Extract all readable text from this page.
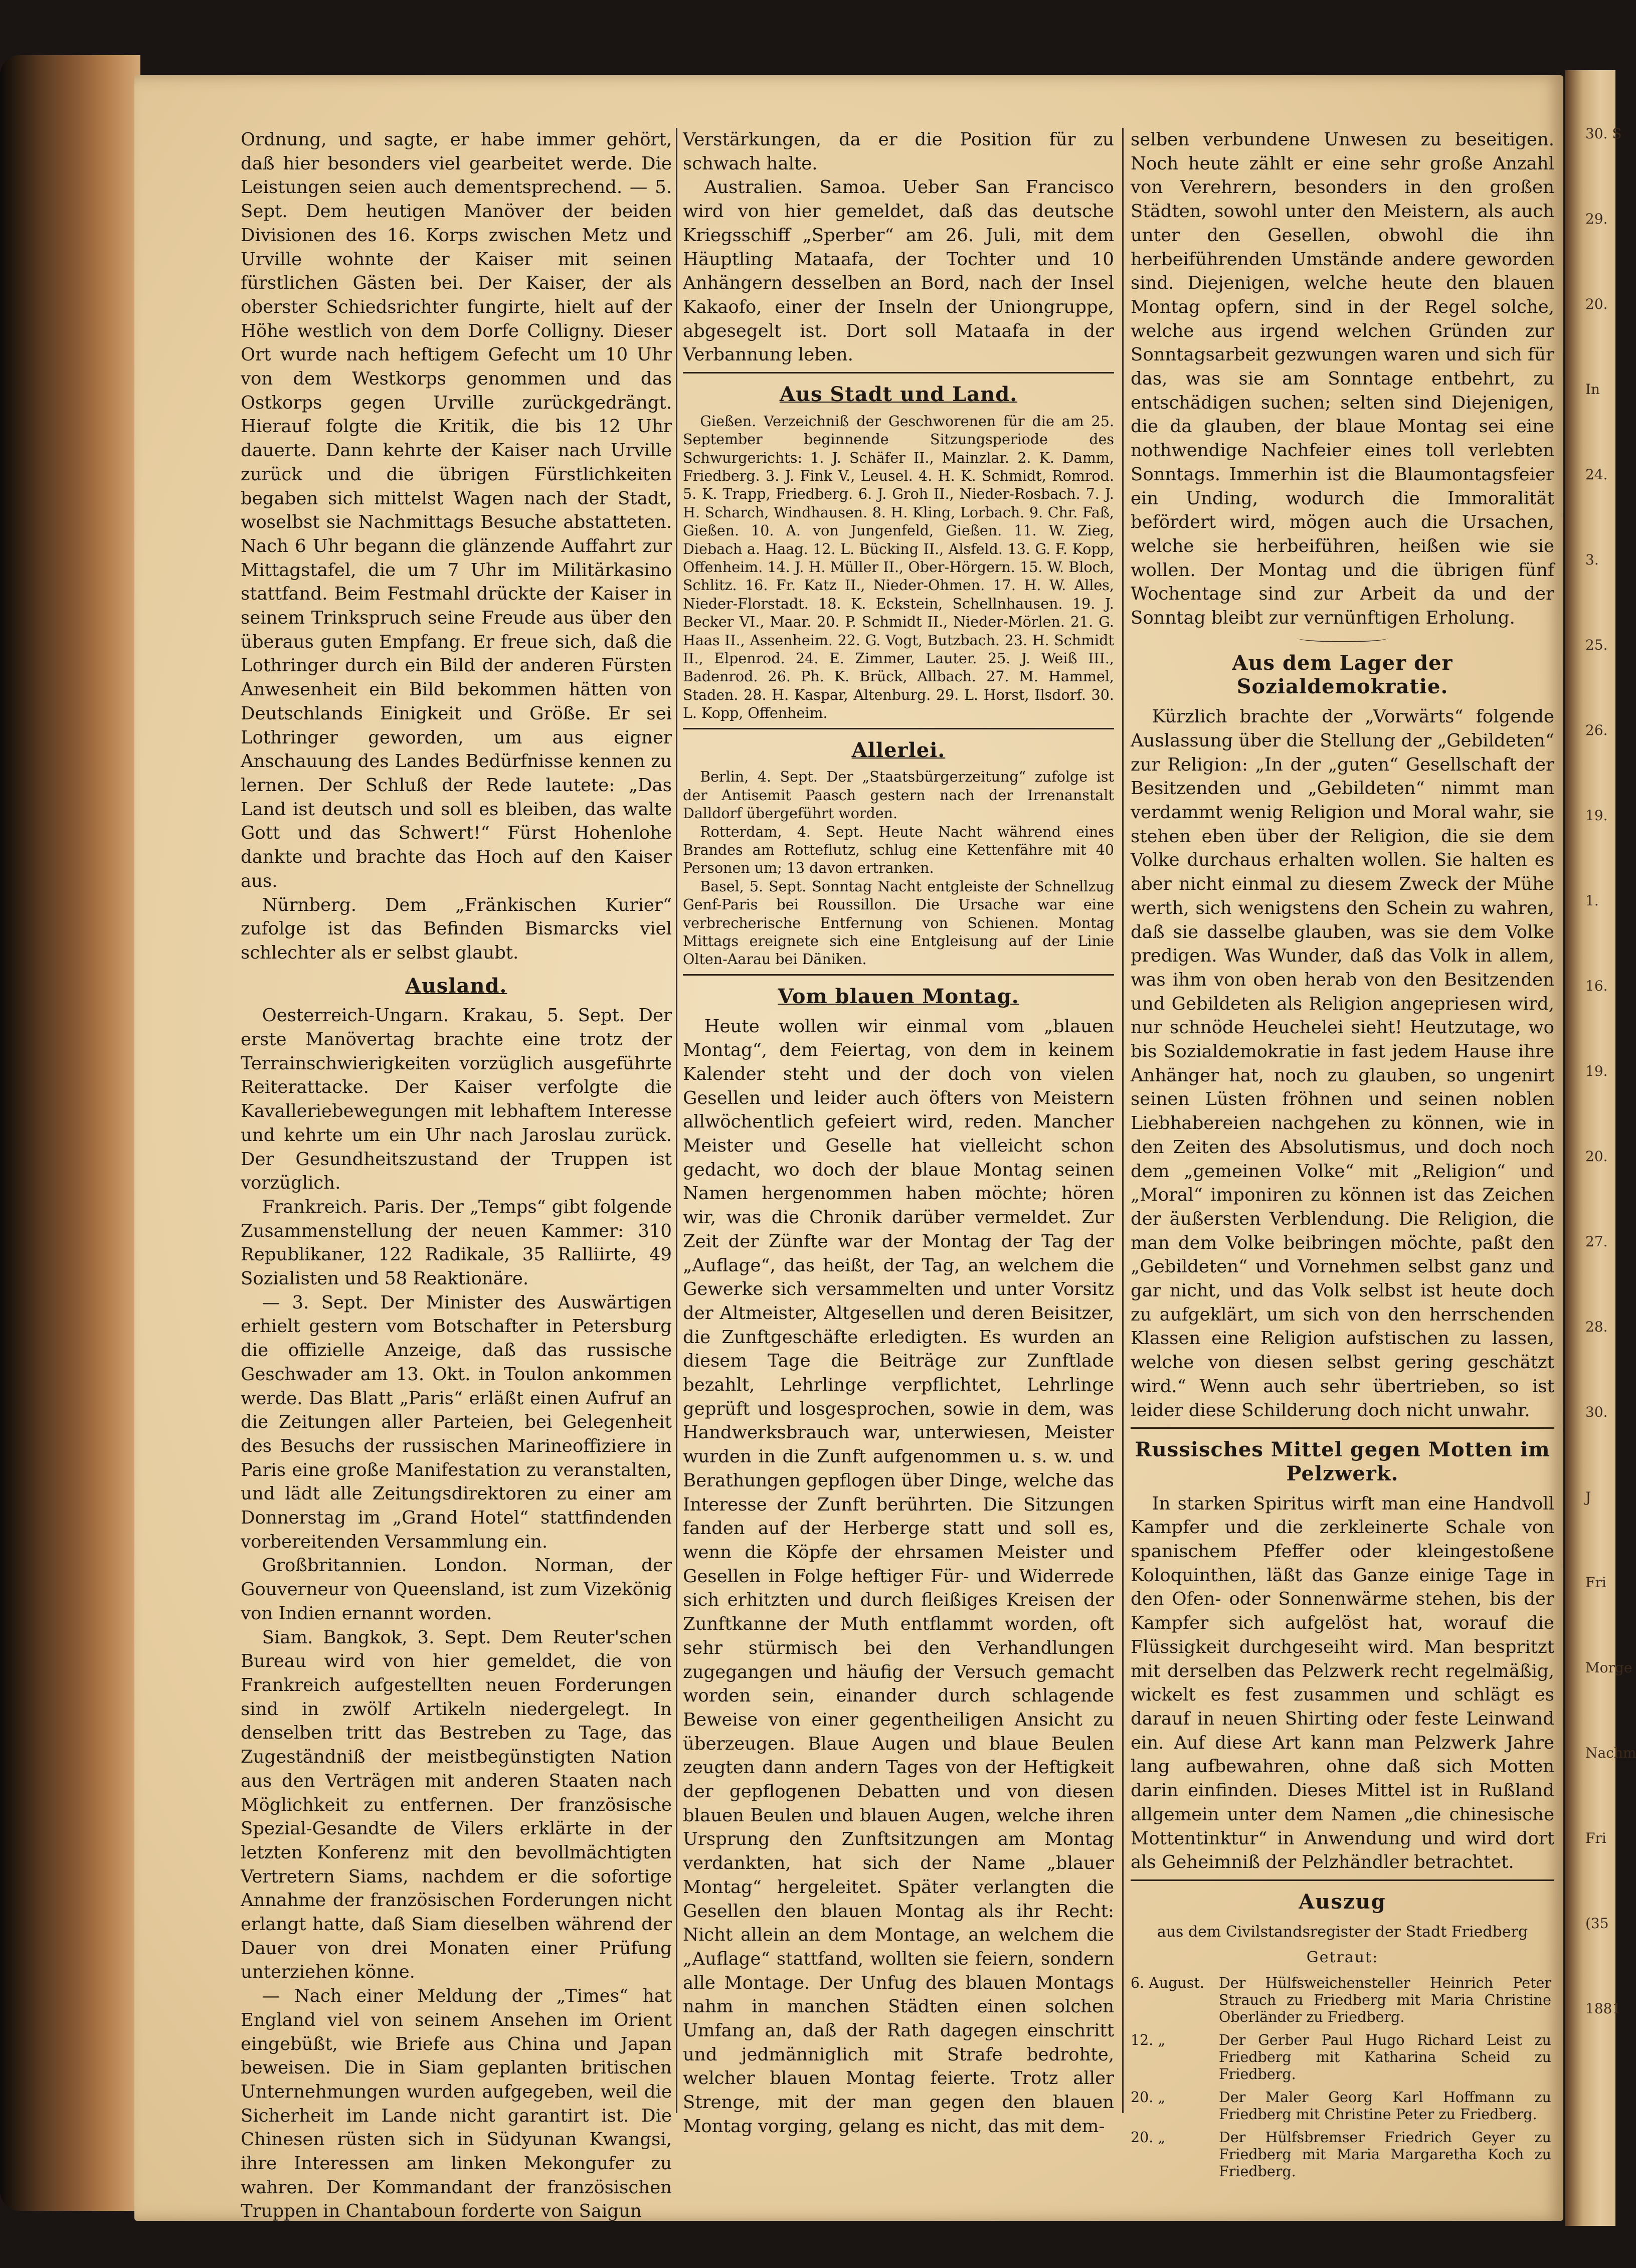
30. S
29.
20.
In
24.
3.
25.
26.
19.
1.
16.
19.
20.
27.
28.
30.
J
Fri
Morge
Nachm
Fri
(35
1881

Ordnung, und sagte, er habe immer gehört, daß hier besonders viel gearbeitet werde. Die Leistungen seien auch dementsprechend. — 5. Sept. Dem heutigen Manöver der beiden Divisionen des 16. Korps zwischen Metz und Urville wohnte der Kaiser mit seinen fürstlichen Gästen bei. Der Kaiser, der als oberster Schiedsrichter fungirte, hielt auf der Höhe westlich von dem Dorfe Colligny. Dieser Ort wurde nach heftigem Gefecht um 10 Uhr von dem Westkorps genommen und das Ostkorps gegen Urville zurückgedrängt. Hierauf folgte die Kritik, die bis 12 Uhr dauerte. Dann kehrte der Kaiser nach Urville zurück und die übrigen Fürstlichkeiten begaben sich mittelst Wagen nach der Stadt, woselbst sie Nachmittags Besuche abstatteten. Nach 6 Uhr begann die glänzende Auffahrt zur Mittagstafel, die um 7 Uhr im Militärkasino stattfand. Beim Festmahl drückte der Kaiser in seinem Trinkspruch seine Freude aus über den überaus guten Empfang. Er freue sich, daß die Lothringer durch ein Bild der anderen Fürsten Anwesenheit ein Bild bekommen hätten von Deutschlands Einigkeit und Größe. Er sei Lothringer geworden, um aus eigner Anschauung des Landes Bedürfnisse kennen zu lernen. Der Schluß der Rede lautete: „Das Land ist deutsch und soll es bleiben, das walte Gott und das Schwert!“ Fürst Hohenlohe dankte und brachte das Hoch auf den Kaiser aus.

Nürnberg. Dem „Fränkischen Kurier“ zufolge ist das Befinden Bismarcks viel schlechter als er selbst glaubt.

Ausland.

Oesterreich-Ungarn. Krakau, 5. Sept. Der erste Manövertag brachte eine trotz der Terrainschwierigkeiten vorzüglich ausgeführte Reiterattacke. Der Kaiser verfolgte die Kavalleriebewegungen mit lebhaftem Interesse und kehrte um ein Uhr nach Jaroslau zurück. Der Gesundheitszustand der Truppen ist vorzüglich.

Frankreich. Paris. Der „Temps“ gibt folgende Zusammenstellung der neuen Kammer: 310 Republikaner, 122 Radikale, 35 Ralliirte, 49 Sozialisten und 58 Reaktionäre.

— 3. Sept. Der Minister des Auswärtigen erhielt gestern vom Botschafter in Petersburg die offizielle Anzeige, daß das russische Geschwader am 13. Okt. in Toulon ankommen werde. Das Blatt „Paris“ erläßt einen Aufruf an die Zeitungen aller Parteien, bei Gelegenheit des Besuchs der russischen Marineoffiziere in Paris eine große Manifestation zu veranstalten, und lädt alle Zeitungsdirektoren zu einer am Donnerstag im „Grand Hotel“ stattfindenden vorbereitenden Versammlung ein.

Großbritannien. London. Norman, der Gouverneur von Queensland, ist zum Vizekönig von Indien ernannt worden.

Siam. Bangkok, 3. Sept. Dem Reuter'schen Bureau wird von hier gemeldet, die von Frankreich aufgestellten neuen Forderungen sind in zwölf Artikeln niedergelegt. In denselben tritt das Bestreben zu Tage, das Zugeständniß der meistbegünstigten Nation aus den Verträgen mit anderen Staaten nach Möglichkeit zu entfernen. Der französische Spezial-Gesandte de Vilers erklärte in der letzten Konferenz mit den bevollmächtigten Vertretern Siams, nachdem er die sofortige Annahme der französischen Forderungen nicht erlangt hatte, daß Siam dieselben während der Dauer von drei Monaten einer Prüfung unterziehen könne.

— Nach einer Meldung der „Times“ hat England viel von seinem Ansehen im Orient eingebüßt, wie Briefe aus China und Japan beweisen. Die in Siam geplanten britischen Unternehmungen wurden aufgegeben, weil die Sicherheit im Lande nicht garantirt ist. Die Chinesen rüsten sich in Südyunan Kwangsi, ihre Interessen am linken Mekongufer zu wahren. Der Kommandant der französischen Truppen in Chantaboun forderte von Saigun

Verstärkungen, da er die Position für zu schwach halte.

Australien. Samoa. Ueber San Francisco wird von hier gemeldet, daß das deutsche Kriegsschiff „Sperber“ am 26. Juli, mit dem Häuptling Mataafa, der Tochter und 10 Anhängern desselben an Bord, nach der Insel Kakaofo, einer der Inseln der Uniongruppe, abgesegelt ist. Dort soll Mataafa in der Verbannung leben.

Aus Stadt und Land.

Gießen. Verzeichniß der Geschworenen für die am 25. September beginnende Sitzungsperiode des Schwurgerichts: 1. J. Schäfer II., Mainzlar. 2. K. Damm, Friedberg. 3. J. Fink V., Leusel. 4. H. K. Schmidt, Romrod. 5. K. Trapp, Friedberg. 6. J. Groh II., Nieder-Rosbach. 7. J. H. Scharch, Windhausen. 8. H. Kling, Lorbach. 9. Chr. Faß, Gießen. 10. A. von Jungenfeld, Gießen. 11. W. Zieg, Diebach a. Haag. 12. L. Bücking II., Alsfeld. 13. G. F. Kopp, Offenheim. 14. J. H. Müller II., Ober-Hörgern. 15. W. Bloch, Schlitz. 16. Fr. Katz II., Nieder-Ohmen. 17. H. W. Alles, Nieder-Florstadt. 18. K. Eckstein, Schellnhausen. 19. J. Becker VI., Maar. 20. P. Schmidt II., Nieder-Mörlen. 21. G. Haas II., Assenheim. 22. G. Vogt, Butzbach. 23. H. Schmidt II., Elpenrod. 24. E. Zimmer, Lauter. 25. J. Weiß III., Badenrod. 26. Ph. K. Brück, Allbach. 27. M. Hammel, Staden. 28. H. Kaspar, Altenburg. 29. L. Horst, Ilsdorf. 30. L. Kopp, Offenheim.

Allerlei.

Berlin, 4. Sept. Der „Staatsbürgerzeitung“ zufolge ist der Antisemit Paasch gestern nach der Irrenanstalt Dalldorf übergeführt worden.

Rotterdam, 4. Sept. Heute Nacht während eines Brandes am Rotteflutz, schlug eine Kettenfähre mit 40 Personen um; 13 davon ertranken.

Basel, 5. Sept. Sonntag Nacht entgleiste der Schnellzug Genf-Paris bei Roussillon. Die Ursache war eine verbrecherische Entfernung von Schienen. Montag Mittags ereignete sich eine Entgleisung auf der Linie Olten-Aarau bei Däniken.

Vom blauen Montag.

Heute wollen wir einmal vom „blauen Montag“, dem Feiertag, von dem in keinem Kalender steht und der doch von vielen Gesellen und leider auch öfters von Meistern allwöchentlich gefeiert wird, reden. Mancher Meister und Geselle hat vielleicht schon gedacht, wo doch der blaue Montag seinen Namen hergenommen haben möchte; hören wir, was die Chronik darüber vermeldet. Zur Zeit der Zünfte war der Montag der Tag der „Auflage“, das heißt, der Tag, an welchem die Gewerke sich versammelten und unter Vorsitz der Altmeister, Altgesellen und deren Beisitzer, die Zunftgeschäfte erledigten. Es wurden an diesem Tage die Beiträge zur Zunftlade bezahlt, Lehrlinge verpflichtet, Lehrlinge geprüft und losgesprochen, sowie in dem, was Handwerksbrauch war, unterwiesen, Meister wurden in die Zunft aufgenommen u. s. w. und Berathungen gepflogen über Dinge, welche das Interesse der Zunft berührten. Die Sitzungen fanden auf der Herberge statt und soll es, wenn die Köpfe der ehrsamen Meister und Gesellen in Folge heftiger Für- und Widerrede sich erhitzten und durch fleißiges Kreisen der Zunftkanne der Muth entflammt worden, oft sehr stürmisch bei den Verhandlungen zugegangen und häufig der Versuch gemacht worden sein, einander durch schlagende Beweise von einer gegentheiligen Ansicht zu überzeugen. Blaue Augen und blaue Beulen zeugten dann andern Tages von der Heftigkeit der gepflogenen Debatten und von diesen blauen Beulen und blauen Augen, welche ihren Ursprung den Zunftsitzungen am Montag verdankten, hat sich der Name „blauer Montag“ hergeleitet. Später verlangten die Gesellen den blauen Montag als ihr Recht: Nicht allein an dem Montage, an welchem die „Auflage“ stattfand, wollten sie feiern, sondern alle Montage. Der Unfug des blauen Montags nahm in manchen Städten einen solchen Umfang an, daß der Rath dagegen einschritt und jedmänniglich mit Strafe bedrohte, welcher blauen Montag feierte. Trotz aller Strenge, mit der man gegen den blauen Montag vorging, gelang es nicht, das mit dem-

selben verbundene Unwesen zu beseitigen. Noch heute zählt er eine sehr große Anzahl von Verehrern, besonders in den großen Städten, sowohl unter den Meistern, als auch unter den Gesellen, obwohl die ihn herbeiführenden Umstände andere geworden sind. Diejenigen, welche heute den blauen Montag opfern, sind in der Regel solche, welche aus irgend welchen Gründen zur Sonntagsarbeit gezwungen waren und sich für das, was sie am Sonntage entbehrt, zu entschädigen suchen; selten sind Diejenigen, die da glauben, der blaue Montag sei eine nothwendige Nachfeier eines toll verlebten Sonntags. Immerhin ist die Blaumontagsfeier ein Unding, wodurch die Immoralität befördert wird, mögen auch die Ursachen, welche sie herbeiführen, heißen wie sie wollen. Der Montag und die übrigen fünf Wochentage sind zur Arbeit da und der Sonntag bleibt zur vernünftigen Erholung.

Aus dem Lager der Sozialdemokratie.

Kürzlich brachte der „Vorwärts“ folgende Auslassung über die Stellung der „Gebildeten“ zur Religion: „In der „guten“ Gesellschaft der Besitzenden und „Gebildeten“ nimmt man verdammt wenig Religion und Moral wahr, sie stehen eben über der Religion, die sie dem Volke durchaus erhalten wollen. Sie halten es aber nicht einmal zu diesem Zweck der Mühe werth, sich wenigstens den Schein zu wahren, daß sie dasselbe glauben, was sie dem Volke predigen. Was Wunder, daß das Volk in allem, was ihm von oben herab von den Besitzenden und Gebildeten als Religion angepriesen wird, nur schnöde Heuchelei sieht! Heutzutage, wo bis Sozialdemokratie in fast jedem Hause ihre Anhänger hat, noch zu glauben, so ungenirt seinen Lüsten fröhnen und seinen noblen Liebhabereien nachgehen zu können, wie in den Zeiten des Absolutismus, und doch noch dem „gemeinen Volke“ mit „Religion“ und „Moral“ imponiren zu können ist das Zeichen der äußersten Verblendung. Die Religion, die man dem Volke beibringen möchte, paßt den „Gebildeten“ und Vornehmen selbst ganz und gar nicht, und das Volk selbst ist heute doch zu aufgeklärt, um sich von den herrschenden Klassen eine Religion aufstischen zu lassen, welche von diesen selbst gering geschätzt wird.“ Wenn auch sehr übertrieben, so ist leider diese Schilderung doch nicht unwahr.

Russisches Mittel gegen Motten im Pelzwerk.

In starken Spiritus wirft man eine Handvoll Kampfer und die zerkleinerte Schale von spanischem Pfeffer oder kleingestoßene Koloquinthen, läßt das Ganze einige Tage in den Ofen- oder Sonnenwärme stehen, bis der Kampfer sich aufgelöst hat, worauf die Flüssigkeit durchgeseiht wird. Man bespritzt mit derselben das Pelzwerk recht regelmäßig, wickelt es fest zusammen und schlägt es darauf in neuen Shirting oder feste Leinwand ein. Auf diese Art kann man Pelzwerk Jahre lang aufbewahren, ohne daß sich Motten darin einfinden. Dieses Mittel ist in Rußland allgemein unter dem Namen „die chinesische Mottentinktur“ in Anwendung und wird dort als Geheimniß der Pelzhändler betrachtet.

Auszug
aus dem Civilstandsregister der Stadt Friedberg
Getraut:
6. August.	Der Hülfsweichensteller Heinrich Peter Strauch zu Friedberg mit Maria Christine Oberländer zu Friedberg.
12. „	Der Gerber Paul Hugo Richard Leist zu Friedberg mit Katharina Scheid zu Friedberg.
20. „	Der Maler Georg Karl Hoffmann zu Friedberg mit Christine Peter zu Friedberg.
20. „	Der Hülfsbremser Friedrich Geyer zu Friedberg mit Maria Margaretha Koch zu Friedberg.
